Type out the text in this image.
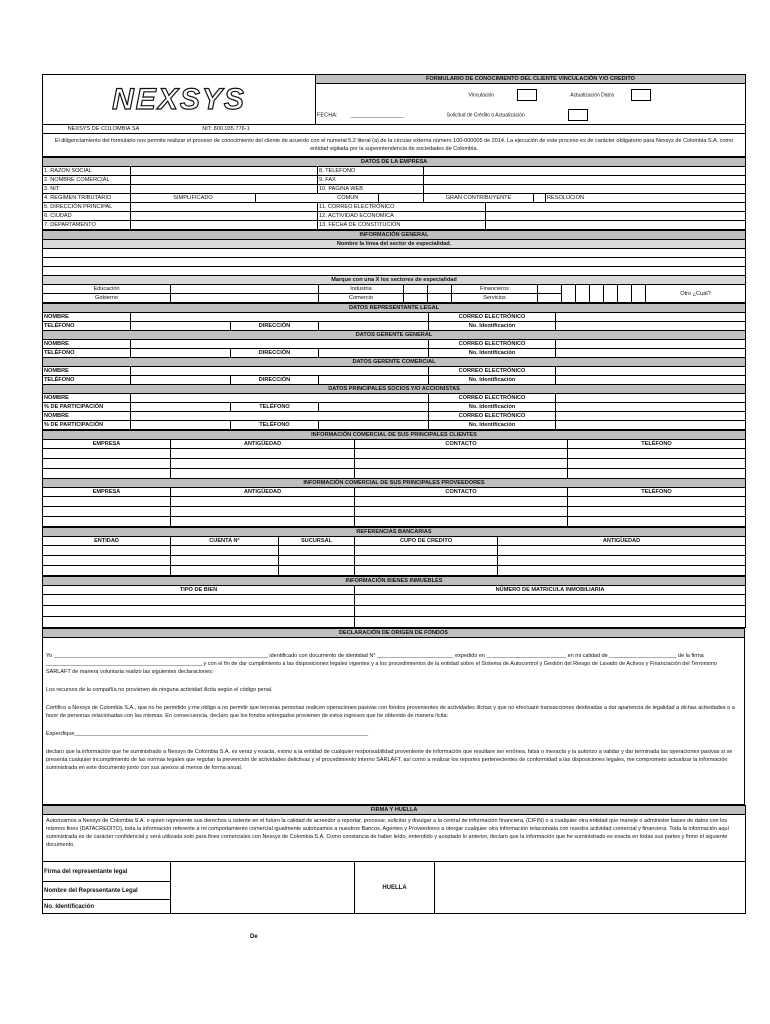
NEXSYS	FORMULARIO DE CONOCIMIENTO DEL CLIENTE VINCULACIÓN Y/O CREDITO
	Vinculación Actualización Datos
	FECHA: _________________ Solicitud de Crédito o Actualización
NEXSYS DE COLOMBIA SA NIT: 800.035.776-1	
El diligenciamiento del formulario nos permite realizar el proceso de conocimiento del cliente de acuerdo con el numeral 5.2 literal (a) de la circular externa número 100-000005 de 2014. La ejecución de este proceso es de carácter obligatorio para Nexsys de Colombia S.A. como entidad vigilada por la superintendencia de sociedades de Colombia.	
DATOS DE LA EMPRESA								
1. RAZON SOCIAL			8. TELEFONO					
2. NOMBRE COMERCIAL			9. FAX					
3. NIT			10. PAGINA WEB					
4. REGIMEN TRIBUTARIO	SIMPLIFICADO		COMUN		GRAN CONTRIBUYENTE			RESOLUCION
5. DIRECCIÓN PRINCIPAL			11. CORREO ELECTRÓNICO					
6. CIUDAD			12. ACTIVIDAD ECONOMICA					
7. DEPARTAMENTO			13. FECHA DE CONSTITUCIÓN					
INFORMACIÓN GENERAL													
Nombre la línea del sector de especialidad.													

Marque con una X los sectores de especialidad													
Educación		Industria			Financieros								Otro ¿Cuál?
Gobierno		Comercio			Servicios								
DATOS REPRESENTANTE LEGAL					
NOMBRE				CORREO ELECTRÓNICO	
TELÉFONO		DIRECCIÓN		No. Identificación	
DATOS GERENTE GENERAL					
NOMBRE				CORREO ELECTRÓNICO	
TELÉFONO		DIRECCIÓN		No. Identificación	
DATOS GERENTE COMERCIAL					
NOMBRE				CORREO ELECTRÓNICO	
TELÉFONO		DIRECCIÓN		No. Identificación	
DATOS PRINCIPALES SOCIOS Y/O ACCIONISTAS					
NOMBRE				CORREO ELECTRÓNICO	
% DE PARTICIPACIÓN		TELÉFONO		No. Identificación	
NOMBRE				CORREO ELECTRÓNICO	
% DE PARTICIPACIÓN		TELÉFONO		No. Identificación	
INFORMACIÓN COMERCIAL DE SUS PRINCIPALES CLIENTES			
EMPRESA	ANTIGÜEDAD	CONTACTO	TELÉFONO

INFORMACIÓN COMERCIAL DE SUS PRINCIPALES PROVEEDORES			
EMPRESA	ANTIGÜEDAD	CONTACTO	TELÉFONO

REFERENCIAS BANCARIAS				
ENTIDAD	CUENTA N°	SUCURSAL	CUPO DE CREDITO	ANTIGÜEDAD

INFORMACIÓN BIENES INMUEBLES	
TIPO DE BIEN	NÚMERO DE MATRICULA INMOBILIARIA

DECLARACIÓN DE ORIGEN DE FONDOS

Yo ______________________________________________________________________ identificado con documento de identidad N° _________________________ expedido en __________________________ en mi calidad de ______________________ de la firma ___________________________________________________ y con el fin de dar cumplimiento a las disposiciones legales vigentes y a los procedimientos de la entidad sobre el Sistema de Autocontrol y Gestión del Riesgo de Lavado de Activos y Financiación del Terrorismo SARLAFT de manera voluntaria realizo las siguientes declaraciones:
Los recursos de la compañía no provienen de ninguna actividad ilícita según el código penal.
Certifico a Nexsys de Colombia S.A., que no he permitido y me obligo a no permitir que terceras personas realicen operaciones pasivas con fondos provenientes de actividades ilícitas y que no efectuaré transacciones destinadas a dar apariencia de legalidad a dichas actividades o a favor de personas relacionadas con las mismas. En consecuencia, declaro que los fondos entregados provienen de estos ingresos que he obtenido de manera lícita:
Especifique________________________________________________________________________________________________
declaro que la información que he suministrado a Nexsys de Colombia S.A. es veraz y exacta, eximo a la entidad de cualquier responsabilidad proveniente de información que resultare ser errónea, falsa o inexacta y la autorizo a validar y dar terminada las operaciones pasivas si se presenta cualquier incumplimiento de las normas legales que regulan la prevención de actividades delictivas y el procedimiento interno SARLAFT, así como a realizar los reportes pertenecientes de conformidad a las disposiciones legales, me comprometo actualizar la información suministrada en este documento junto con sus anexos al menos de forma anual.
FIRMA Y HUELLA
Autorizamos a Nexsys de Colombia S.A. o quien represente sus derechos u ostente en el futuro la calidad de acreedor a reportar, procesar, solicitar y divulgar a la central de información financiera, (CIFIN) o a cualquier otra entidad que maneje o administre bases de datos con los mismos fines (DATACREDITO), toda la información referente a mi comportamiento comercial igualmente autorizamos a nuestros Bancos, Agentes y Proveedores a otorgar cualquier otra información relacionada con nuestra actividad comercial y financiera. Toda la información aquí suministrada es de carácter confidencial y será utilizada solo para fines comerciales con Nexsys de Colombia S.A. Como constancia de haber leído, entendido y aceptado lo anterior, declaro que la información que he suministrado es exacta en todas sus partes y firmo el siguiente documento.
Firma del representante legal		HUELLA	
Nombre del Representante Legal
No. Identificación
De
